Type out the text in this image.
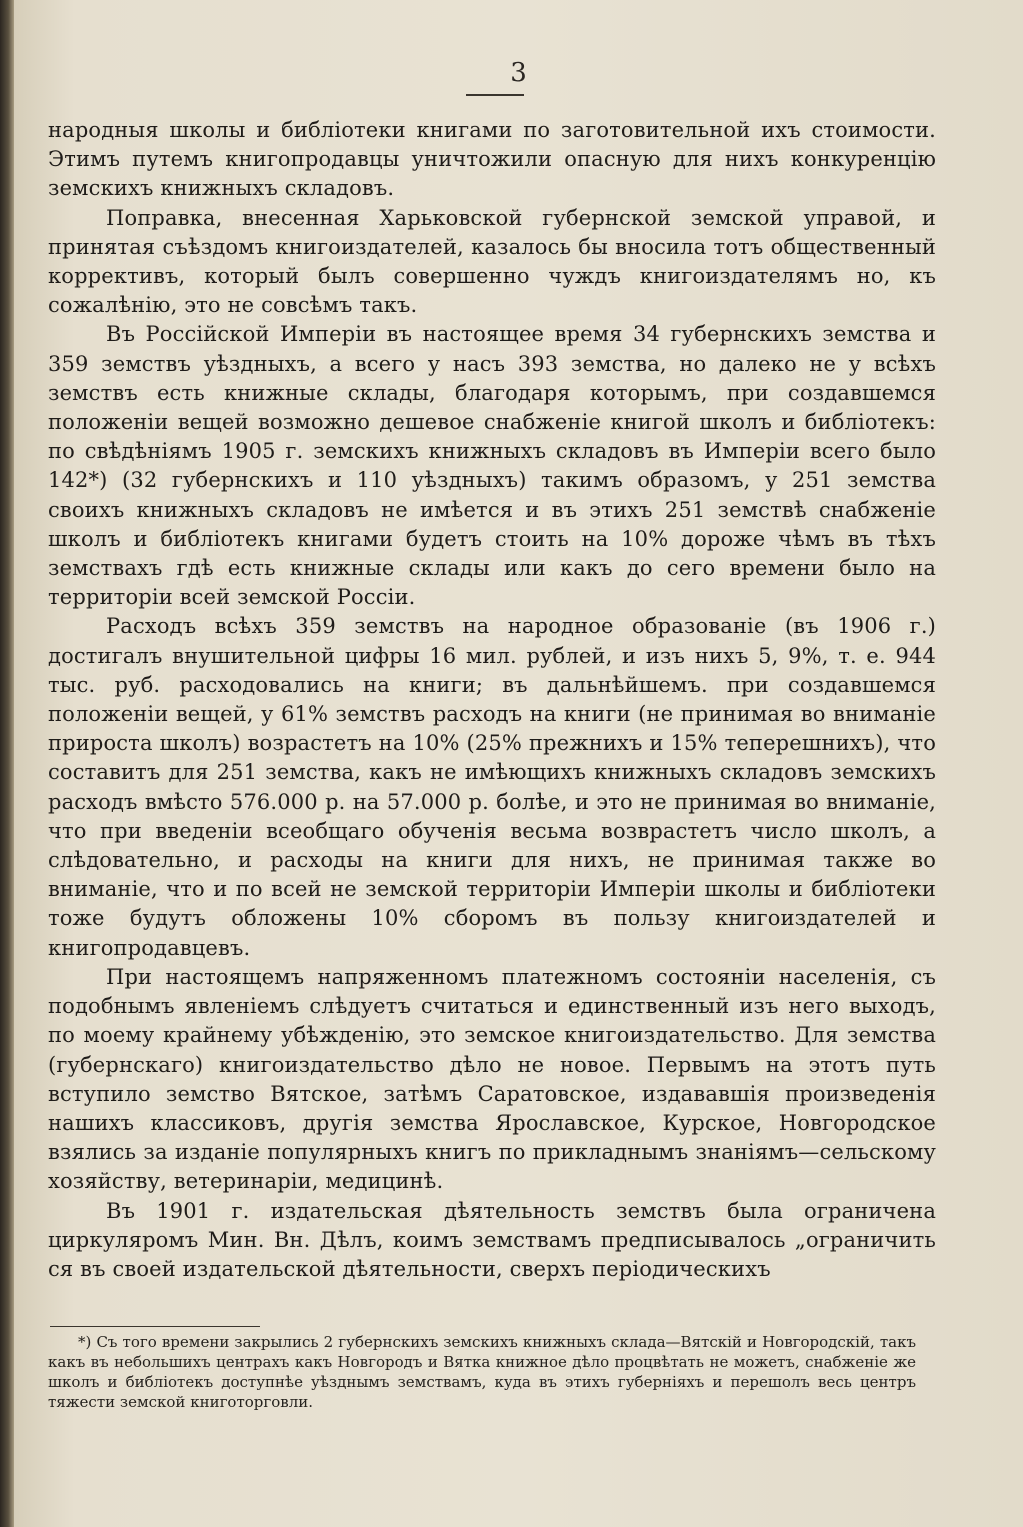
3

народныя школы и библіотеки книгами по заготовительной ихъ стоимости. Этимъ путемъ книгопродавцы уничтожили опасную для нихъ конкуренцію земскихъ книжныхъ складовъ.

Поправка, внесенная Харьковской губернской земской управой, и принятая съѣздомъ книгоиздателей, казалось бы вносила тотъ общественный коррективъ, который былъ совершенно чуждъ книгоиздателямъ но, къ сожалѣнію, это не совсѣмъ такъ.

Въ Россійской Имперіи въ настоящее время 34 губернскихъ земства и 359 земствъ уѣздныхъ, а всего у насъ 393 земства, но далеко не у всѣхъ земствъ есть книжные склады, благодаря которымъ, при создавшемся положеніи вещей возможно дешевое снабженіе книгой школъ и библіотекъ: по свѣдѣніямъ 1905 г. земскихъ книжныхъ складовъ въ Имперіи всего было 142*) (32 губернскихъ и 110 уѣздныхъ) такимъ образомъ, у 251 земства своихъ книжныхъ складовъ не имѣется и въ этихъ 251 земствѣ снабженіе школъ и библіотекъ книгами будетъ стоить на 10% дороже чѣмъ въ тѣхъ земствахъ гдѣ есть книжные склады или какъ до сего времени было на территоріи всей земской Россіи.

Расходъ всѣхъ 359 земствъ на народное образованіе (въ 1906 г.) достигалъ внушительной цифры 16 мил. рублей, и изъ нихъ 5, 9%, т. е. 944 тыс. руб. расходовались на книги; въ дальнѣйшемъ. при создавшемся положеніи вещей, у 61% земствъ расходъ на книги (не принимая во вниманіе прироста школъ) возрастетъ на 10% (25% прежнихъ и 15% теперешнихъ), что составитъ для 251 земства, какъ не имѣющихъ книжныхъ складовъ земскихъ расходъ вмѣсто 576.000 р. на 57.000 р. болѣе, и это не принимая во вниманіе, что при введеніи всеобщаго обученія весьма возврастетъ число школъ, а слѣдовательно, и расходы на книги для нихъ, не принимая также во вниманіе, что и по всей не земской территоріи Имперіи школы и библіотеки тоже будутъ обложены 10% сборомъ въ пользу книгоиздателей и книгопродавцевъ.

При настоящемъ напряженномъ платежномъ состояніи населенія, съ подобнымъ явленіемъ слѣдуетъ считаться и единственный изъ него выходъ, по моему крайнему убѣжденію, это земское книгоиздательство. Для земства (губернскаго) книгоиздательство дѣло не новое. Первымъ на этотъ путь вступило земство Вятское, затѣмъ Саратовское, издававшія произведенія нашихъ классиковъ, другія земства Ярославское, Курское, Новгородское взялись за изданіе популярныхъ книгъ по прикладнымъ знаніямъ—сельскому хозяйству, ветеринаріи, медицинѣ.

Въ 1901 г. издательская дѣятельность земствъ была ограничена циркуляромъ Мин. Вн. Дѣлъ, коимъ земствамъ предписывалось „ограничить ся въ своей издательской дѣятельности, сверхъ періодическихъ

*) Съ того времени закрылись 2 губернскихъ земскихъ книжныхъ склада—Вятскій и Новгородскій, такъ какъ въ небольшихъ центрахъ какъ Новгородъ и Вятка книжное дѣло процвѣтать не можетъ, снабженіе же школъ и библіотекъ доступнѣе уѣзднымъ земствамъ, куда въ этихъ губерніяхъ и перешолъ весь центръ тяжести земской книготорговли.
